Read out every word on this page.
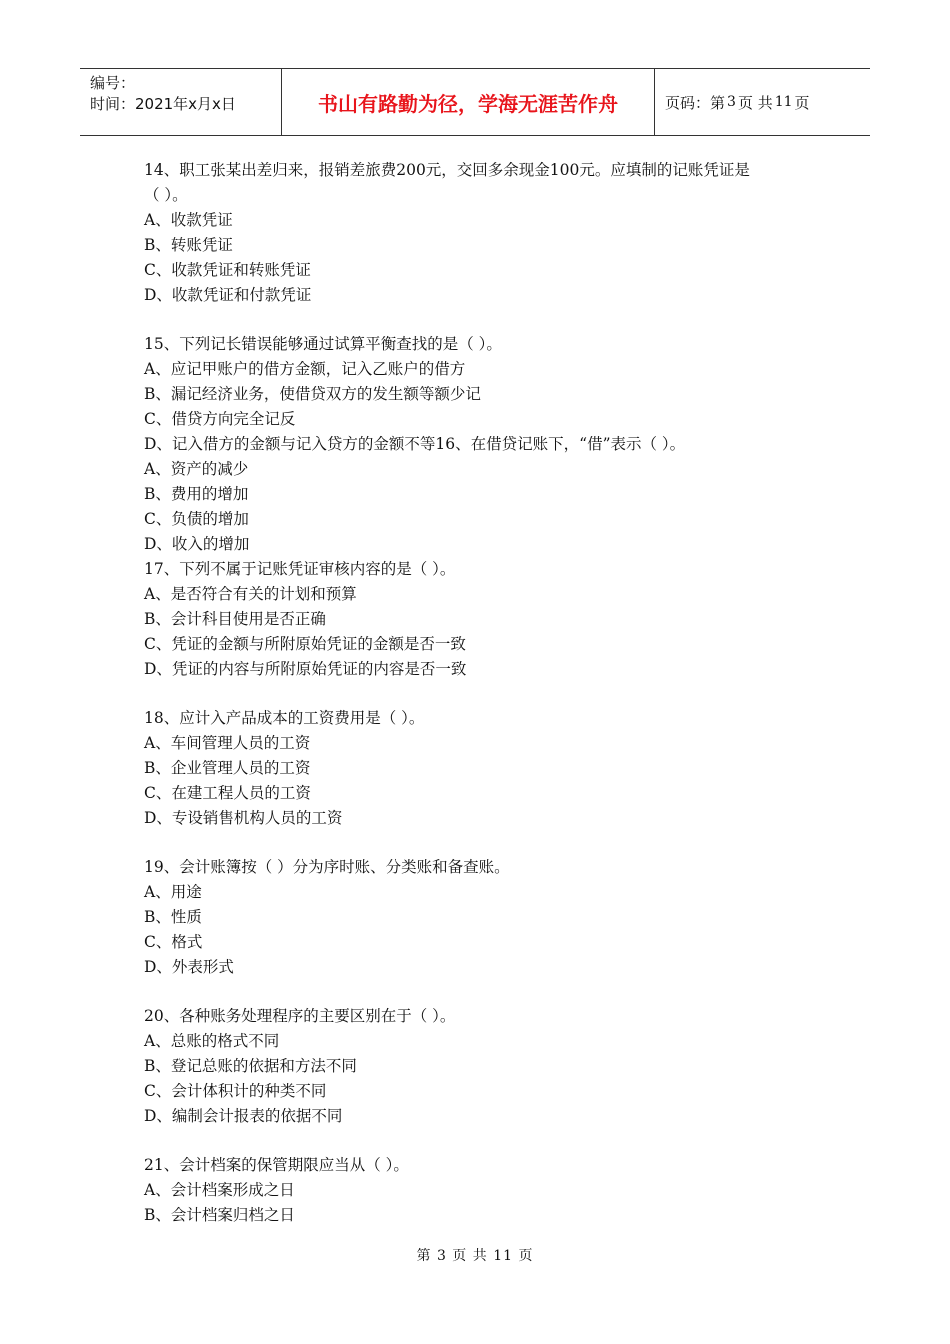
编号：
时间：2021年x月x日	书山有路勤为径，学海无涯苦作舟	页码：第 3 页 共 11 页
14、职工张某出差归来，报销差旅费200元，交回多余现金100元。应填制的记账凭证是
（ ）。
A、收款凭证
B、转账凭证
C、收款凭证和转账凭证
D、收款凭证和付款凭证
15、下列记长错误能够通过试算平衡查找的是（ ）。
A、应记甲账户的借方金额，记入乙账户的借方
B、漏记经济业务，使借贷双方的发生额等额少记
C、借贷方向完全记反
D、记入借方的金额与记入贷方的金额不等16、在借贷记账下，“借”表示（ ）。
A、资产的减少
B、费用的增加
C、负债的增加
D、收入的增加
17、下列不属于记账凭证审核内容的是（ ）。
A、是否符合有关的计划和预算
B、会计科目使用是否正确
C、凭证的金额与所附原始凭证的金额是否一致
D、凭证的内容与所附原始凭证的内容是否一致
18、应计入产品成本的工资费用是（ ）。
A、车间管理人员的工资
B、企业管理人员的工资
C、在建工程人员的工资
D、专设销售机构人员的工资
19、会计账簿按（ ）分为序时账、分类账和备查账。
A、用途
B、性质
C、格式
D、外表形式
20、各种账务处理程序的主要区别在于（ ）。
A、总账的格式不同
B、登记总账的依据和方法不同
C、会计体积计的种类不同
D、编制会计报表的依据不同
21、会计档案的保管期限应当从（ ）。
A、会计档案形成之日
B、会计档案归档之日
第 3 页 共 11 页
